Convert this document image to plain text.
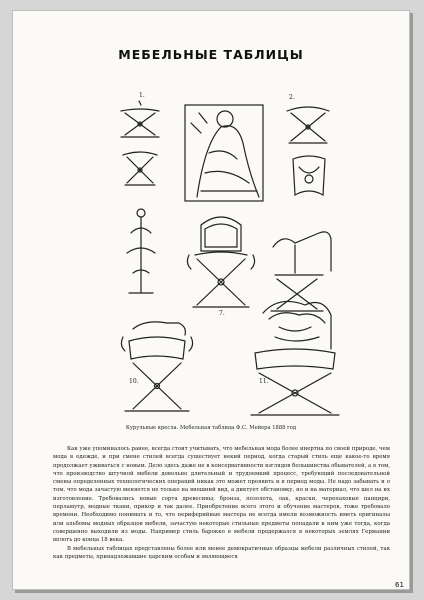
МЕБЕЛЬНЫЕ ТАБЛИЦЫ
1.	2.
7.
10.	11.
Курульные кресла. Мебельная таблица Ф.С. Мейера 1888 год

Как уже упоминалось ранее, всегда стоит учитывать, что мебельная мода более инертна по своей природе, чем мода в одежде, и при смене стилей всегда существует некий период, когда старый стиль еще какое-то время продолжает уживаться с новым. Дело здесь даже не в консервативности взглядов большинства обывателей, а в том, что производство штучной мебели довольно длительный и трудоемкий процесс, требующий последовательной смены определенных технологических операций никак это может проявить и в период моды. Не надо забывать и о том, что мода зачастую меняется не только на внешний вид, а диктует обстановку, но и на материал, что шел на их изготовление. Требовались новые сорта древесины, бронза, позолота, лак, краски, черепаховые панцири, перламутр, модные ткани, прикор и так далее. Приобретение всего этого и обучение мастеров, тоже требовало времени. Необходимо понимать и то, что периферийные мастера не всегда имели возможность иметь оригиналы или альбомы модных образцов мебели, зачастую некоторые стильные предметы попадали к ним уже тогда, когда совершенно выходили из моды. Например стиль барокко в мебели продержался в некоторых землях Германии вплоть до конца 18 века.

В мебельных таблицах представлены более или менее демократичные образцы мебели различных стилей, так как предметы, принадлежавшие царским особам и являющиеся

61
